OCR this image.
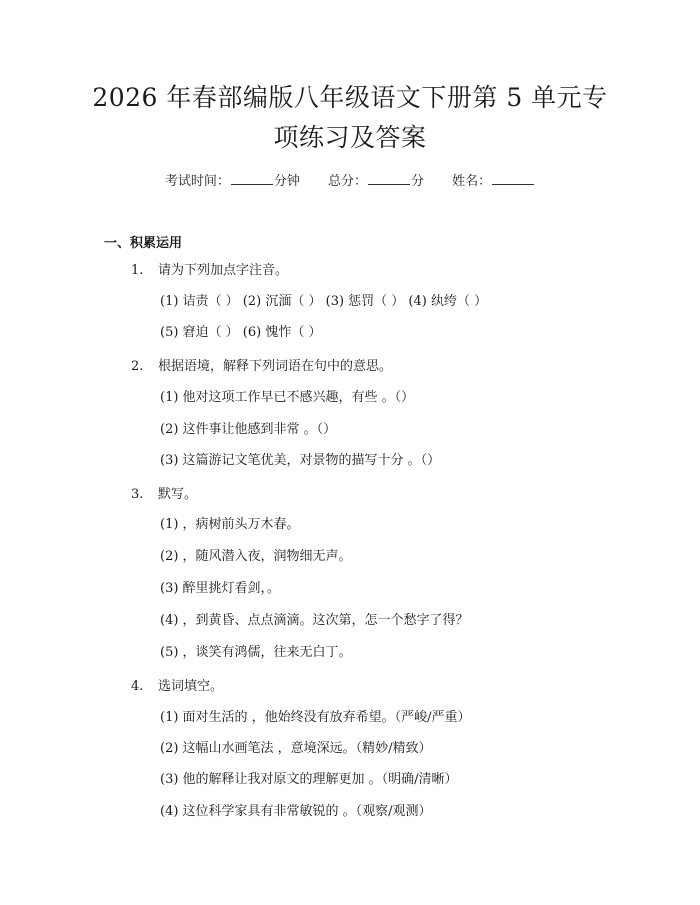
2026 年春部编版八年级语文下册第 5 单元专
项练习及答案
考试时间：	分钟 总分：	分 姓名：
一、积累运用
1. 请为下列加点字注音。
(1) 诘责（ ） (2) 沉湎（ ） (3) 惩罚（ ） (4) 纨绔（ ）
(5) 窘迫（ ） (6) 愧怍（ ）
2. 根据语境，解释下列词语在句中的意思。
(1) 他对这项工作早已不感兴趣，有些 。（）
(2) 这件事让他感到非常 。（）
(3) 这篇游记文笔优美，对景物的描写十分 。（）
3. 默写。
(1) ，病树前头万木春。
(2) ，随风潜入夜，润物细无声。
(3) 醉里挑灯看剑，。
(4) ，到黄昏、点点滴滴。这次第，怎一个愁字了得？
(5) ，谈笑有鸿儒，往来无白丁。
4. 选词填空。
(1) 面对生活的 ，他始终没有放弃希望。（严峻/严重）
(2) 这幅山水画笔法 ，意境深远。（精妙/精致）
(3) 他的解释让我对原文的理解更加 。（明确/清晰）
(4) 这位科学家具有非常敏锐的 。（观察/观测）
